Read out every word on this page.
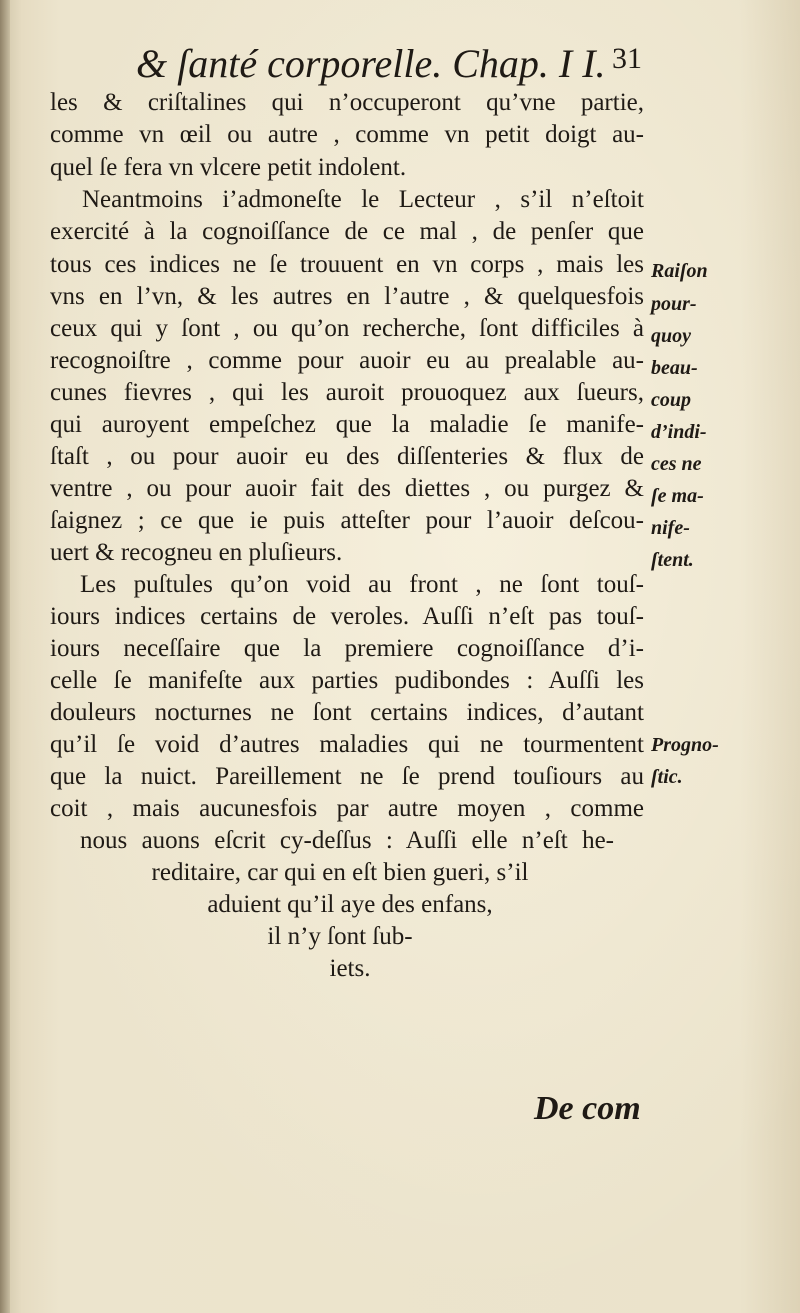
& ſanté corporelle. Chap. I I. 31
les & criſtalines qui n’occuperont qu’vne partie,
comme vn œil ou autre , comme vn petit doigt au-
quel ſe fera vn vlcere petit indolent.
Neantmoins i’admoneſte le Lecteur , s’il n’eſtoit
exercité à la cognoiſſance de ce mal , de penſer que
tous ces indices ne ſe trouuent en vn corps , mais les
vns en l’vn, & les autres en l’autre , & quelquesfois
ceux qui y ſont , ou qu’on recherche, ſont difficiles à
recognoiſtre , comme pour auoir eu au prealable au-
cunes fievres , qui les auroit prouoquez aux ſueurs,
qui auroyent empeſchez que la maladie ſe manife-
ſtaſt , ou pour auoir eu des diſſenteries & flux de
ventre , ou pour auoir fait des diettes , ou purgez &
ſaignez ; ce que ie puis atteſter pour l’auoir deſcou-
uert & recogneu en pluſieurs.
Les puſtules qu’on void au front , ne ſont touſ-
iours indices certains de veroles. Auſſi n’eſt pas touſ-
iours neceſſaire que la premiere cognoiſſance d’i-
celle ſe manifeſte aux parties pudibondes : Auſſi les
douleurs nocturnes ne ſont certains indices, d’autant
qu’il ſe void d’autres maladies qui ne tourmentent
que la nuict. Pareillement ne ſe prend touſiours au
coit , mais aucunesfois par autre moyen , comme
nous auons eſcrit cy-deſſus : Auſſi elle n’eſt he-
reditaire, car qui en eſt bien gueri, s’il
aduient qu’il aye des enfans,
il n’y ſont ſub-
iets.
Raiſon
pour-
quoy
beau-
coup
d’indi-
ces ne
ſe ma-
nife-
ſtent.
Progno-
ſtic.
De com
